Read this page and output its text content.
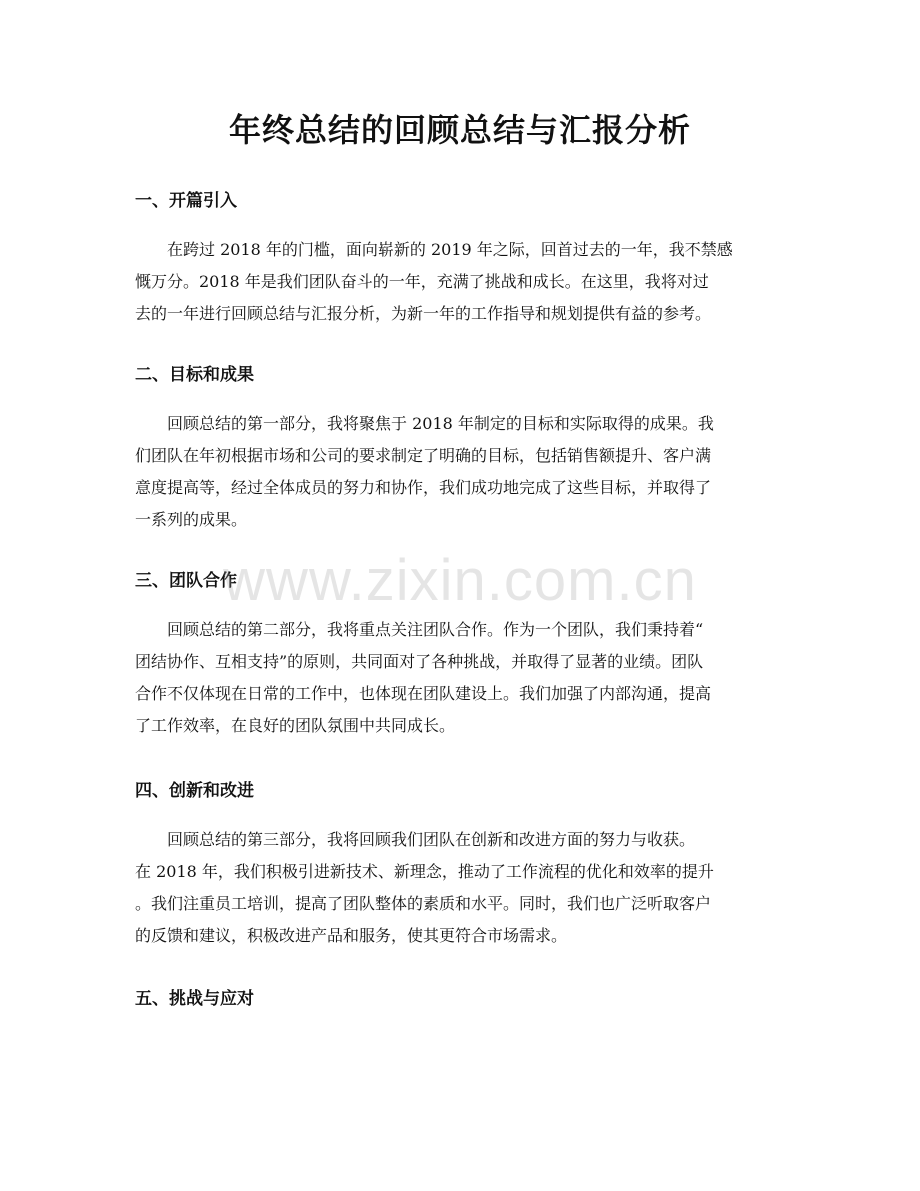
年终总结的回顾总结与汇报分析
一、开篇引入

在跨过 2018 年的门槛，面向崭新的 2019 年之际，回首过去的一年，我不禁感
慨万分。2018 年是我们团队奋斗的一年，充满了挑战和成长。在这里，我将对过
去的一年进行回顾总结与汇报分析，为新一年的工作指导和规划提供有益的参考。

二、目标和成果

回顾总结的第一部分，我将聚焦于 2018 年制定的目标和实际取得的成果。我
们团队在年初根据市场和公司的要求制定了明确的目标，包括销售额提升、客户满
意度提高等，经过全体成员的努力和协作，我们成功地完成了这些目标，并取得了
一系列的成果。

三、团队合作

回顾总结的第二部分，我将重点关注团队合作。作为一个团队，我们秉持着“
团结协作、互相支持”的原则，共同面对了各种挑战，并取得了显著的业绩。团队
合作不仅体现在日常的工作中，也体现在团队建设上。我们加强了内部沟通，提高
了工作效率，在良好的团队氛围中共同成长。

四、创新和改进

回顾总结的第三部分，我将回顾我们团队在创新和改进方面的努力与收获。
在 2018 年，我们积极引进新技术、新理念，推动了工作流程的优化和效率的提升
。我们注重员工培训，提高了团队整体的素质和水平。同时，我们也广泛听取客户
的反馈和建议，积极改进产品和服务，使其更符合市场需求。

五、挑战与应对
www.zixin.com.cn
